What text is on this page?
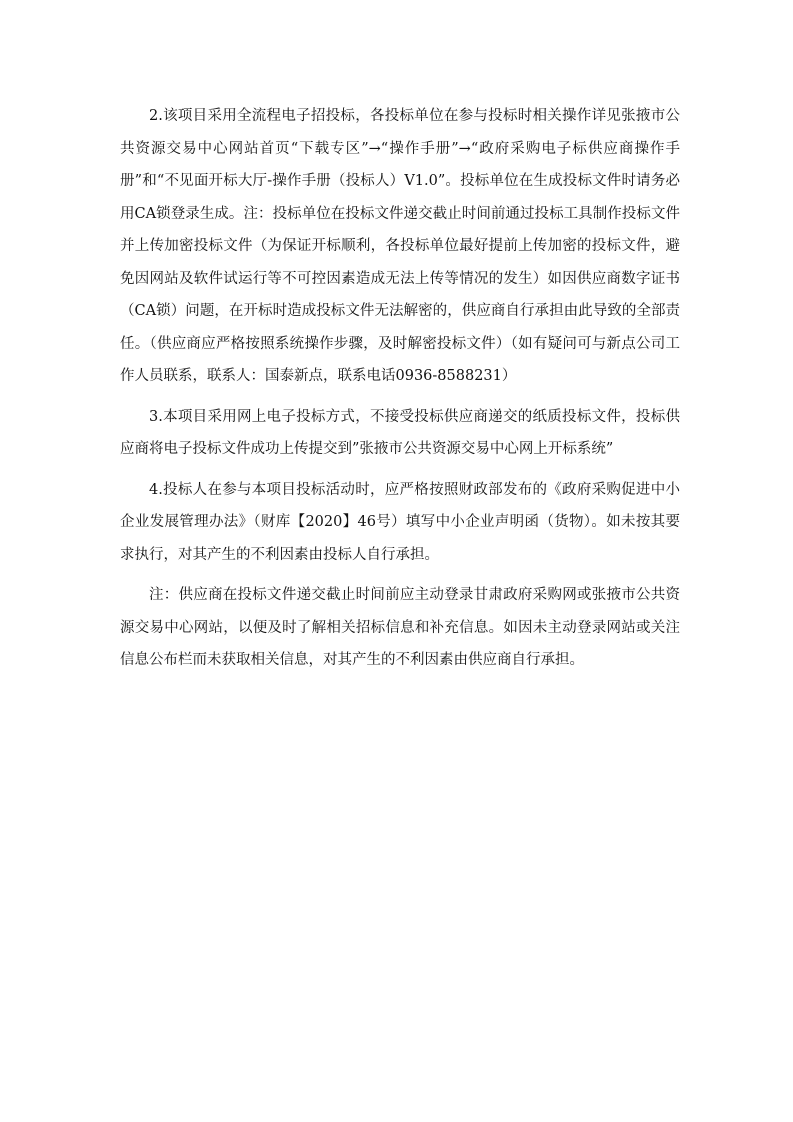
2.该项目采用全流程电子招投标，各投标单位在参与投标时相关操作详见张掖市公共资源交易中心网站首页“下载专区”→“操作手册”→“政府采购电子标供应商操作手册”和“不见面开标大厅-操作手册（投标人）V1.0”。投标单位在生成投标文件时请务必用CA锁登录生成。注：投标单位在投标文件递交截止时间前通过投标工具制作投标文件并上传加密投标文件（为保证开标顺利，各投标单位最好提前上传加密的投标文件，避免因网站及软件试运行等不可控因素造成无法上传等情况的发生）如因供应商数字证书（CA锁）问题，在开标时造成投标文件无法解密的，供应商自行承担由此导致的全部责任。（供应商应严格按照系统操作步骤，及时解密投标文件）（如有疑问可与新点公司工作人员联系，联系人：国泰新点，联系电话0936-8588231）

3.本项目采用网上电子投标方式，不接受投标供应商递交的纸质投标文件，投标供应商将电子投标文件成功上传提交到”张掖市公共资源交易中心网上开标系统”

4.投标人在参与本项目投标活动时，应严格按照财政部发布的《政府采购促进中小企业发展管理办法》（财库【2020】46号）填写中小企业声明函（货物）。如未按其要求执行，对其产生的不利因素由投标人自行承担。

注：供应商在投标文件递交截止时间前应主动登录甘肃政府采购网或张掖市公共资源交易中心网站，以便及时了解相关招标信息和补充信息。如因未主动登录网站或关注信息公布栏而未获取相关信息，对其产生的不利因素由供应商自行承担。
